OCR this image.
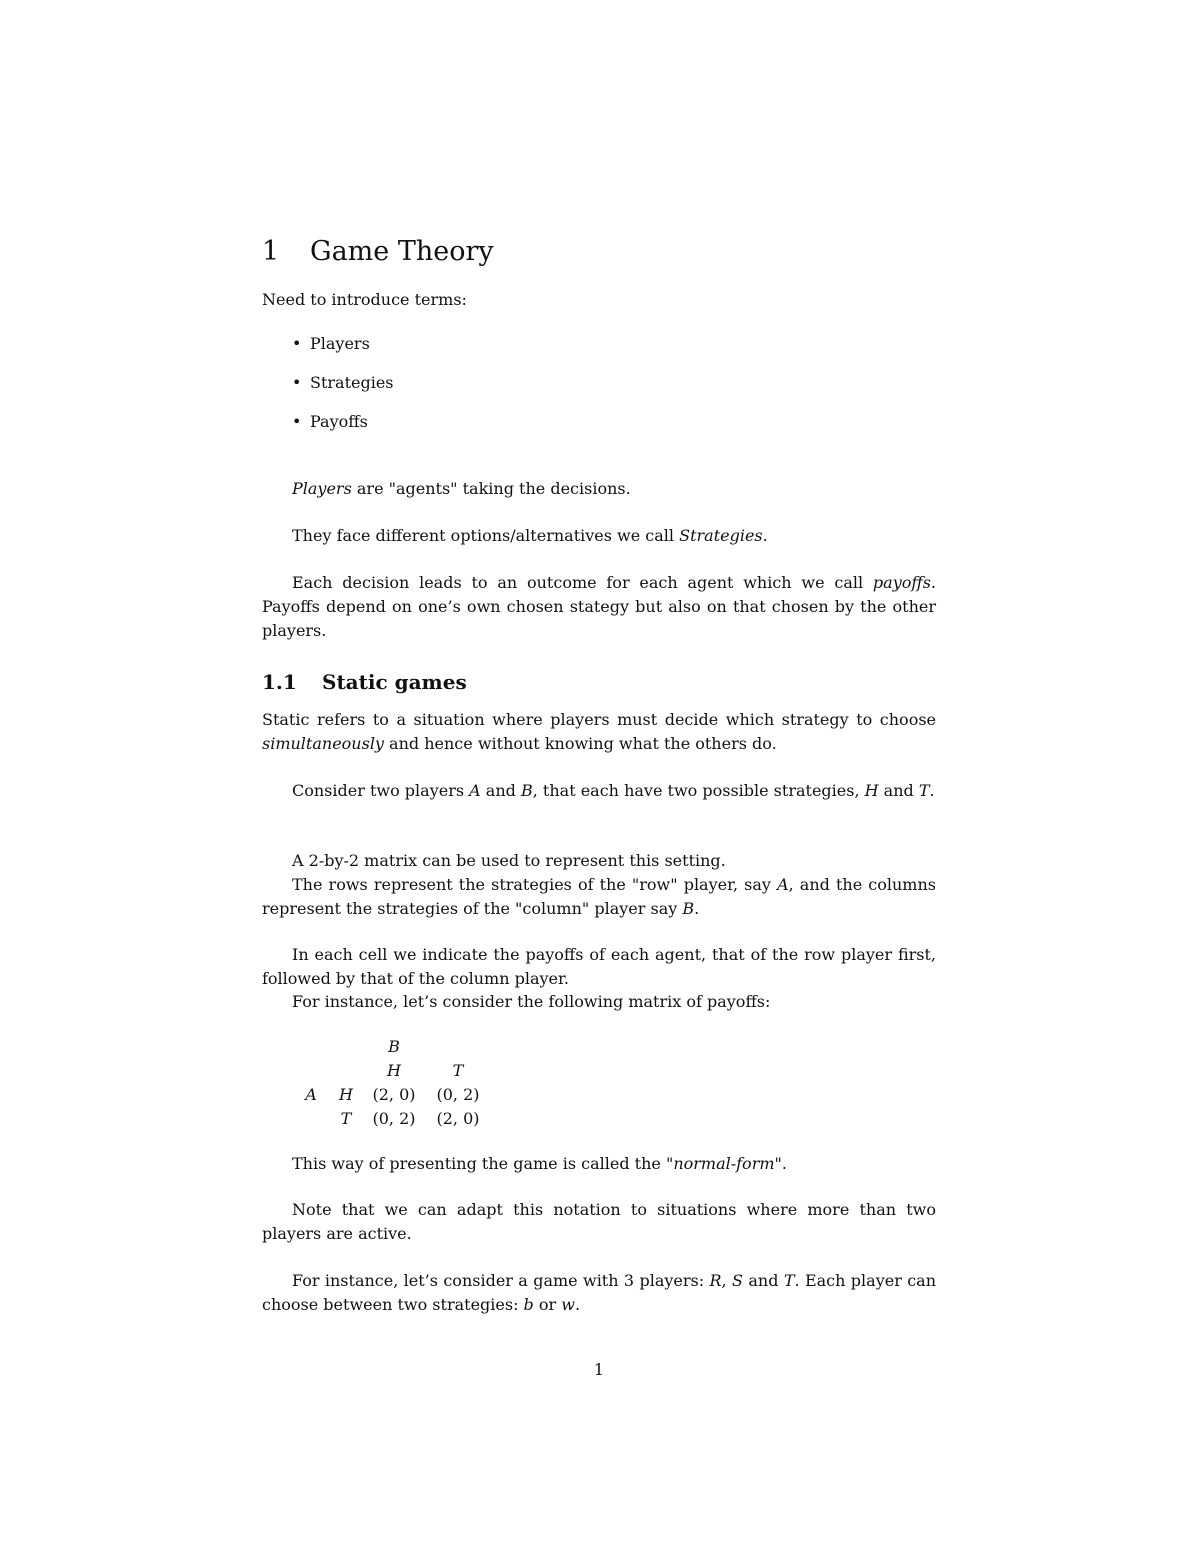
1 Game Theory
Need to introduce terms:
• Players
• Strategies
• Payoffs
Players are "agents" taking the decisions.
They face different options/alternatives we call Strategies.
Each decision leads to an outcome for each agent which we call payoffs. Payoffs depend on one’s own chosen stategy but also on that chosen by the other players.
1.1 Static games
Static refers to a situation where players must decide which strategy to choose simultaneously and hence without knowing what the others do.
Consider two players A and B, that each have two possible strategies, H and T.
A 2-by-2 matrix can be used to represent this setting.
The rows represent the strategies of the "row" player, say A, and the columns represent the strategies of the "column" player say B.
In each cell we indicate the payoffs of each agent, that of the row player first, followed by that of the column player.
For instance, let’s consider the following matrix of payoffs:
		B	
		H	T
A	H	(2, 0)	(0, 2)
	T	(0, 2)	(2, 0)
This way of presenting the game is called the "normal-form".
Note that we can adapt this notation to situations where more than two players are active.
For instance, let’s consider a game with 3 players: R, S and T. Each player can choose between two strategies: b or w.
1
